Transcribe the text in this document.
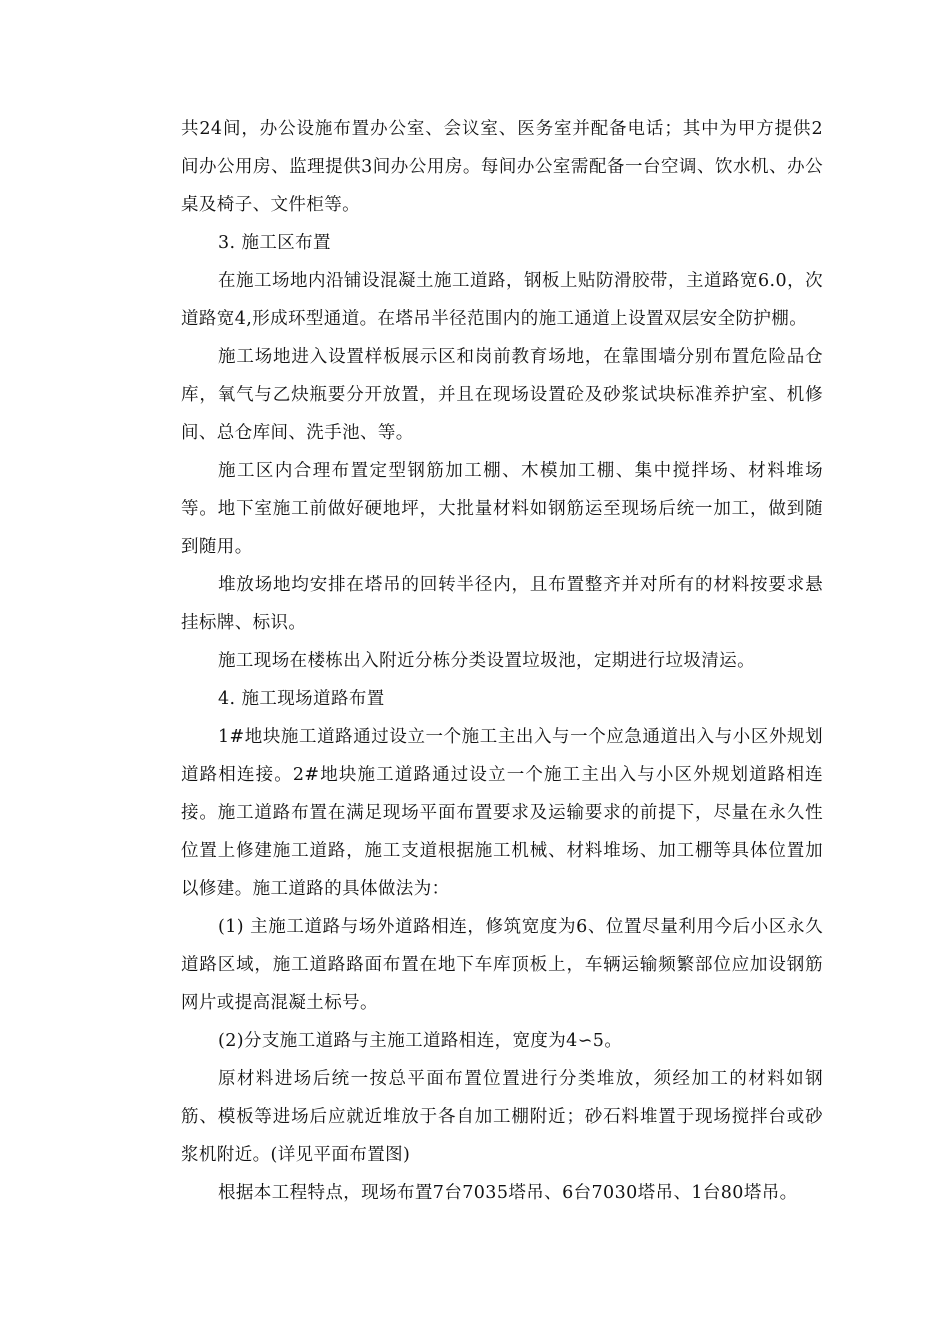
共24间，办公设施布置办公室、会议室、医务室并配备电话；其中为甲方提供2间办公用房、监理提供3间办公用房。每间办公室需配备一台空调、饮水机、办公桌及椅子、文件柜等。

3. 施工区布置

在施工场地内沿铺设混凝土施工道路，钢板上贴防滑胶带，主道路宽6.0，次道路宽4,形成环型通道。在塔吊半径范围内的施工通道上设置双层安全防护棚。

施工场地进入设置样板展示区和岗前教育场地，在靠围墙分别布置危险品仓库，氧气与乙炔瓶要分开放置，并且在现场设置砼及砂浆试块标准养护室、机修间、总仓库间、洗手池、等。

施工区内合理布置定型钢筋加工棚、木模加工棚、集中搅拌场、材料堆场等。地下室施工前做好硬地坪，大批量材料如钢筋运至现场后统一加工，做到随到随用。

堆放场地均安排在塔吊的回转半径内，且布置整齐并对所有的材料按要求悬挂标牌、标识。

施工现场在楼栋出入附近分栋分类设置垃圾池，定期进行垃圾清运。

4. 施工现场道路布置

1#地块施工道路通过设立一个施工主出入与一个应急通道出入与小区外规划道路相连接。2#地块施工道路通过设立一个施工主出入与小区外规划道路相连接。施工道路布置在满足现场平面布置要求及运输要求的前提下，尽量在永久性位置上修建施工道路，施工支道根据施工机械、材料堆场、加工棚等具体位置加以修建。施工道路的具体做法为：

(1) 主施工道路与场外道路相连，修筑宽度为6、位置尽量利用今后小区永久道路区域，施工道路路面布置在地下车库顶板上，车辆运输频繁部位应加设钢筋网片或提高混凝土标号。

(2)分支施工道路与主施工道路相连，宽度为4∽5。

原材料进场后统一按总平面布置位置进行分类堆放，须经加工的材料如钢筋、模板等进场后应就近堆放于各自加工棚附近；砂石料堆置于现场搅拌台或砂浆机附近。(详见平面布置图)

根据本工程特点，现场布置7台7035塔吊、6台7030塔吊、1台80塔吊。
